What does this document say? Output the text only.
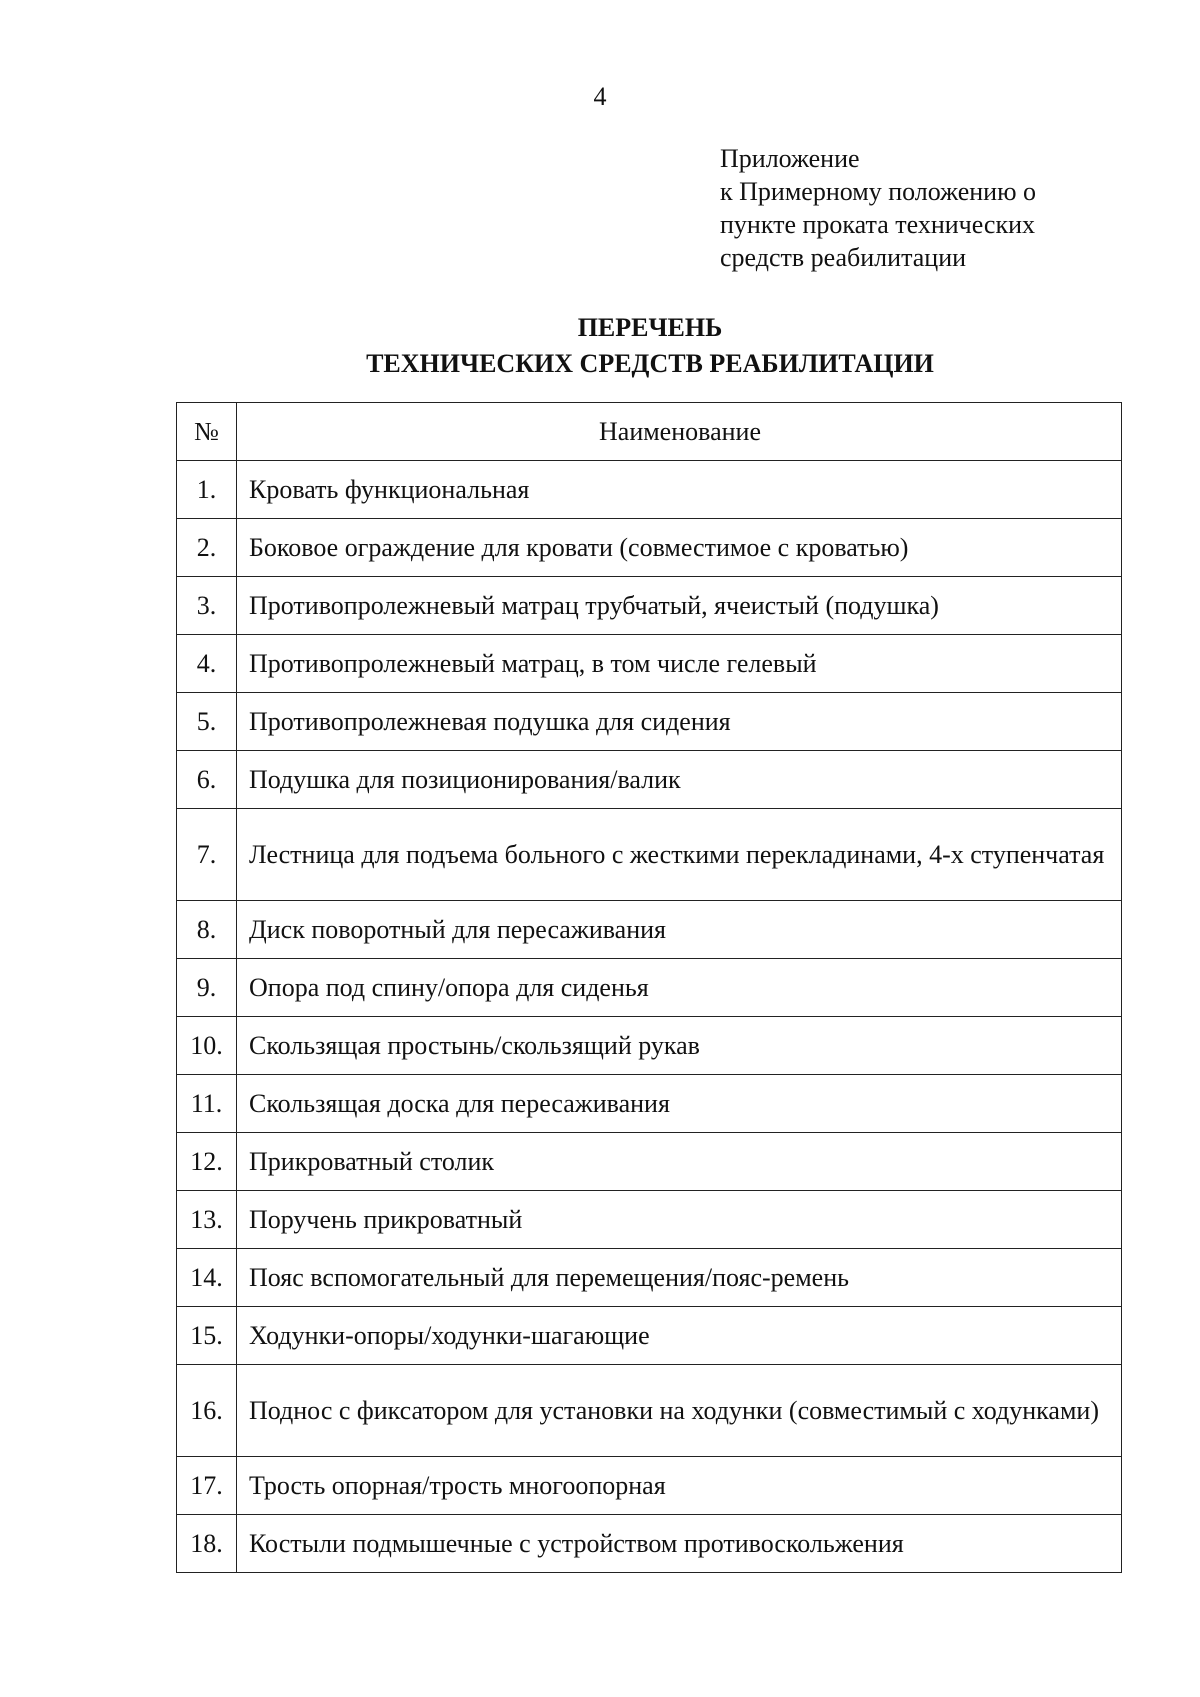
4
Приложение
к Примерному положению о
пункте проката технических
средств реабилитации
ПЕРЕЧЕНЬ
ТЕХНИЧЕСКИХ СРЕДСТВ РЕАБИЛИТАЦИИ
№	Наименование
1.	Кровать функциональная
2.	Боковое ограждение для кровати (совместимое с кроватью)
3.	Противопролежневый матрац трубчатый, ячеистый (подушка)
4.	Противопролежневый матрац, в том числе гелевый
5.	Противопролежневая подушка для сидения
6.	Подушка для позиционирования/валик
7.	Лестница для подъема больного с жесткими перекладинами, 4-х ступенчатая
8.	Диск поворотный для пересаживания
9.	Опора под спину/опора для сиденья
10.	Скользящая простынь/скользящий рукав
11.	Скользящая доска для пересаживания
12.	Прикроватный столик
13.	Поручень прикроватный
14.	Пояс вспомогательный для перемещения/пояс-ремень
15.	Ходунки-опоры/ходунки-шагающие
16.	Поднос с фиксатором для установки на ходунки (совместимый с ходунками)
17.	Трость опорная/трость многоопорная
18.	Костыли подмышечные с устройством противоскольжения
